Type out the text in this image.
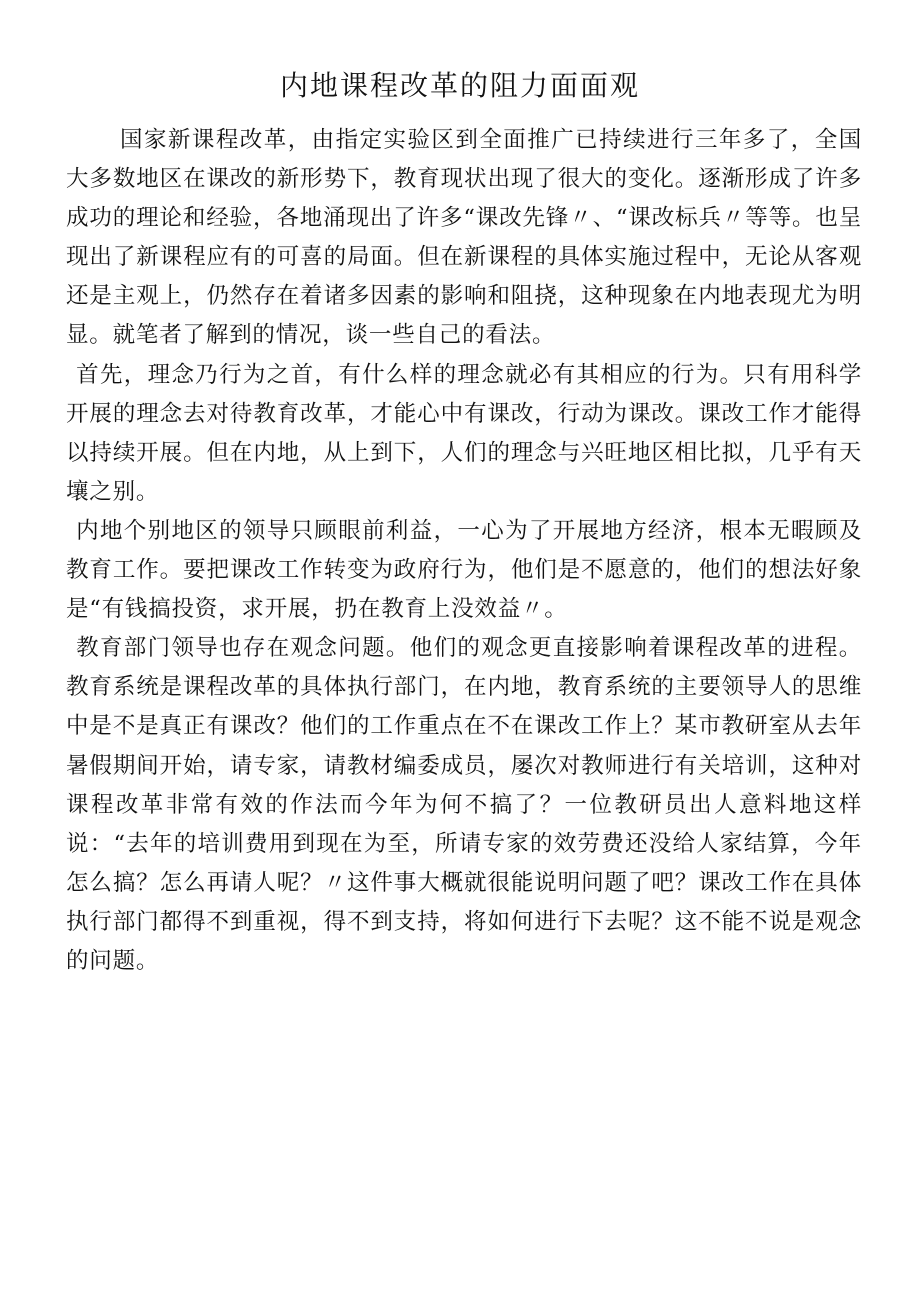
内地课程改革的阻力面面观

国家新课程改革，由指定实验区到全面推广已持续进行三年多了，全国大多数地区在课改的新形势下，教育现状出现了很大的变化。逐渐形成了许多成功的理论和经验，各地涌现出了许多“课改先锋〃、“课改标兵〃等等。也呈现出了新课程应有的可喜的局面。但在新课程的具体实施过程中，无论从客观还是主观上，仍然存在着诸多因素的影响和阻挠，这种现象在内地表现尤为明显。就笔者了解到的情况，谈一些自己的看法。

首先，理念乃行为之首，有什么样的理念就必有其相应的行为。只有用科学开展的理念去对待教育改革，才能心中有课改，行动为课改。课改工作才能得以持续开展。但在内地，从上到下，人们的理念与兴旺地区相比拟，几乎有天壤之别。

内地个别地区的领导只顾眼前利益，一心为了开展地方经济，根本无暇顾及教育工作。要把课改工作转变为政府行为，他们是不愿意的，他们的想法好象是“有钱搞投资，求开展，扔在教育上没效益〃。

教育部门领导也存在观念问题。他们的观念更直接影响着课程改革的进程。教育系统是课程改革的具体执行部门，在内地，教育系统的主要领导人的思维中是不是真正有课改？他们的工作重点在不在课改工作上？某市教研室从去年暑假期间开始，请专家，请教材编委成员，屡次对教师进行有关培训，这种对课程改革非常有效的作法而今年为何不搞了？一位教研员出人意料地这样说：“去年的培训费用到现在为至，所请专家的效劳费还没给人家结算，今年怎么搞？怎么再请人呢？〃这件事大概就很能说明问题了吧？课改工作在具体执行部门都得不到重视，得不到支持，将如何进行下去呢？这不能不说是观念的问题。
